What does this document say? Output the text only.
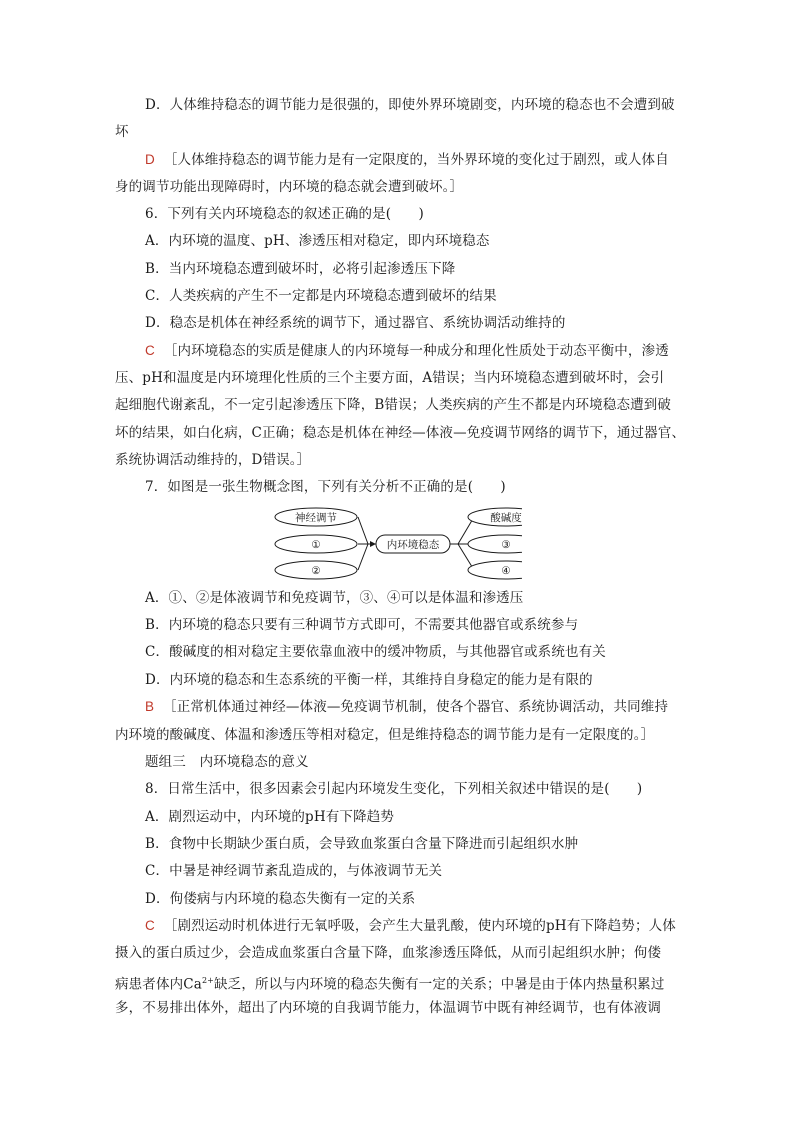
D．人体维持稳态的调节能力是很强的，即使外界环境剧变，内环境的稳态也不会遭到破
坏
D ［人体维持稳态的调节能力是有一定限度的，当外界环境的变化过于剧烈，或人体自
身的调节功能出现障碍时，内环境的稳态就会遭到破坏。］
6．下列有关内环境稳态的叙述正确的是(　　)
A．内环境的温度、pH、渗透压相对稳定，即内环境稳态
B．当内环境稳态遭到破坏时，必将引起渗透压下降
C．人类疾病的产生不一定都是内环境稳态遭到破坏的结果
D．稳态是机体在神经系统的调节下，通过器官、系统协调活动维持的
C ［内环境稳态的实质是健康人的内环境每一种成分和理化性质处于动态平衡中，渗透
压、pH和温度是内环境理化性质的三个主要方面，A错误；当内环境稳态遭到破坏时，会引
起细胞代谢紊乱，不一定引起渗透压下降，B错误；人类疾病的产生不都是内环境稳态遭到破
坏的结果，如白化病，C正确；稳态是机体在神经—体液—免疫调节网络的调节下，通过器官、
系统协调活动维持的，D错误。］
7．如图是一张生物概念图，下列有关分析不正确的是(　　)
神经调节
①
②
内环境稳态
酸碱度
③
④
A．①、②是体液调节和免疫调节，③、④可以是体温和渗透压
B．内环境的稳态只要有三种调节方式即可，不需要其他器官或系统参与
C．酸碱度的相对稳定主要依靠血液中的缓冲物质，与其他器官或系统也有关
D．内环境的稳态和生态系统的平衡一样，其维持自身稳定的能力是有限的
B ［正常机体通过神经—体液—免疫调节机制，使各个器官、系统协调活动，共同维持
内环境的酸碱度、体温和渗透压等相对稳定，但是维持稳态的调节能力是有一定限度的。］
题组三　内环境稳态的意义
8．日常生活中，很多因素会引起内环境发生变化，下列相关叙述中错误的是(　　)
A．剧烈运动中，内环境的pH有下降趋势
B．食物中长期缺少蛋白质，会导致血浆蛋白含量下降进而引起组织水肿
C．中暑是神经调节紊乱造成的，与体液调节无关
D．佝偻病与内环境的稳态失衡有一定的关系
C ［剧烈运动时机体进行无氧呼吸，会产生大量乳酸，使内环境的pH有下降趋势；人体
摄入的蛋白质过少，会造成血浆蛋白含量下降，血浆渗透压降低，从而引起组织水肿；佝偻
病患者体内$Ca^{2+}$缺乏，所以与内环境的稳态失衡有一定的关系；中暑是由于体内热量积累过
多，不易排出体外，超出了内环境的自我调节能力，体温调节中既有神经调节，也有体液调
